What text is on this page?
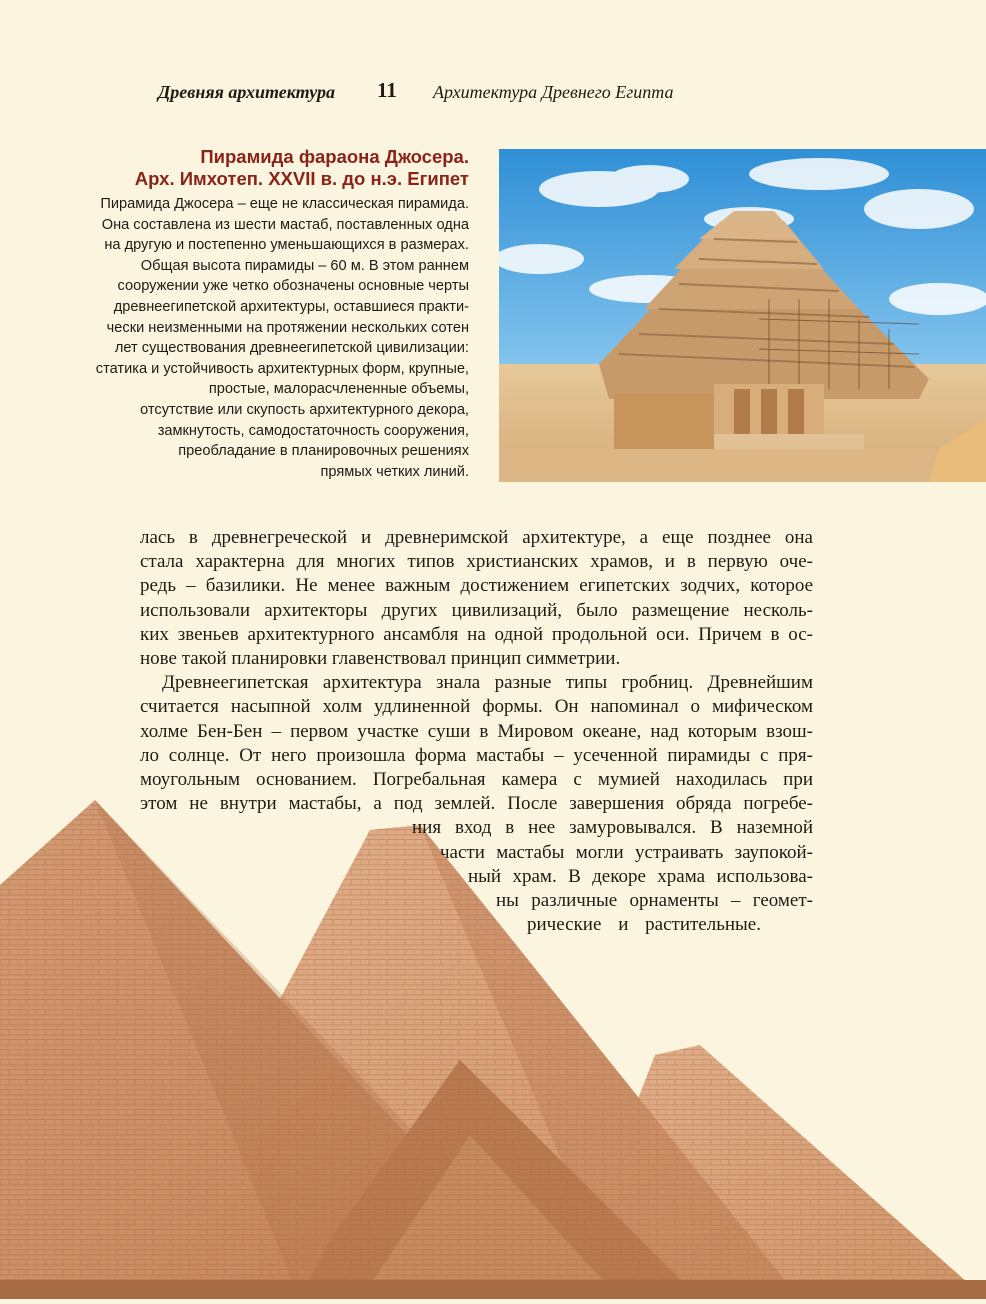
Древняя архитектура 11 Архитектура Древнего Египта

Пирамида фараона Джосера.
Арх. Имхотеп. XXVII в. до н.э. Египет

Пирамида Джосера – еще не классическая пирамида.
Она составлена из шести мастаб, поставленных одна
на другую и постепенно уменьшающихся в размерах.
Общая высота пирамиды – 60 м. В этом раннем
сооружении уже четко обозначены основные черты
древнеегипетской архитектуры, оставшиеся практи-
чески неизменными на протяжении нескольких сотен
лет существования древнеегипетской цивилизации:
статика и устойчивость архитектурных форм, крупные,
простые, малорасчлененные объемы,
отсутствие или скупость архитектурного декора,
замкнутость, самодостаточность сооружения,
преобладание в планировочных решениях
прямых четких линий.

лась в древнегреческой и древнеримской архитектуре, а еще позднее она
стала характерна для многих типов христианских храмов, и в первую оче-
редь – базилики. Не менее важным достижением египетских зодчих, которое
использовали архитекторы других цивилизаций, было размещение несколь-
ких звеньев архитектурного ансамбля на одной продольной оси. Причем в ос-
нове такой планировки главенствовал принцип симметрии.
Древнеегипетская архитектура знала разные типы гробниц. Древнейшим
считается насыпной холм удлиненной формы. Он напоминал о мифическом
холме Бен-Бен – первом участке суши в Мировом океане, над которым взош-
ло солнце. От него произошла форма мастабы – усеченной пирамиды с пря-
моугольным основанием. Погребальная камера с мумией находилась при
этом не внутри мастабы, а под землей. После завершения обряда погребе-
ния вход в нее замуровывался. В наземной
части мастабы могли устраивать заупокой-
ный храм. В декоре храма использова-
ны различные орнаменты – геомет-
рические и растительные.
